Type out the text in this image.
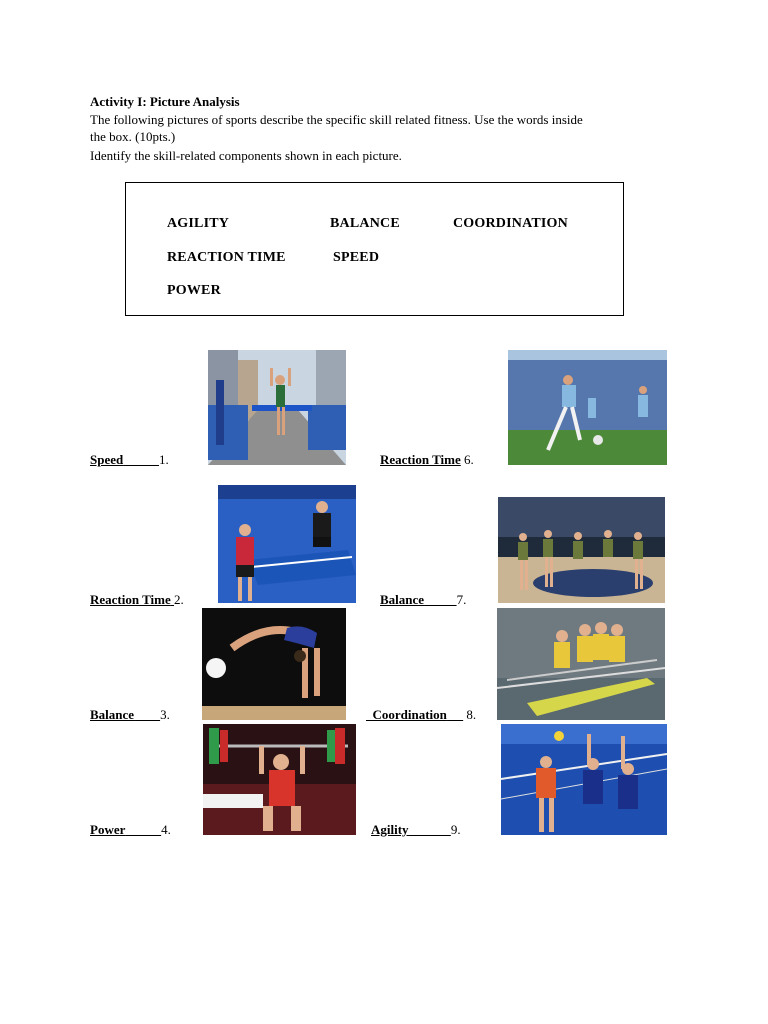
Activity I: Picture Analysis
The following pictures of sports describe the specific skill related fitness. Use the words inside
the box. (10pts.)
Identify the skill-related components shown in each picture.
AGILITY	BALANCE	COORDINATION
REACTION TIME	SPEED
POWER
Speed	1.	Reaction Time 6.
Reaction Time 2.	Balance	7.
Balance 3.	Coordination 8.
Power	4.	Agility	9.
